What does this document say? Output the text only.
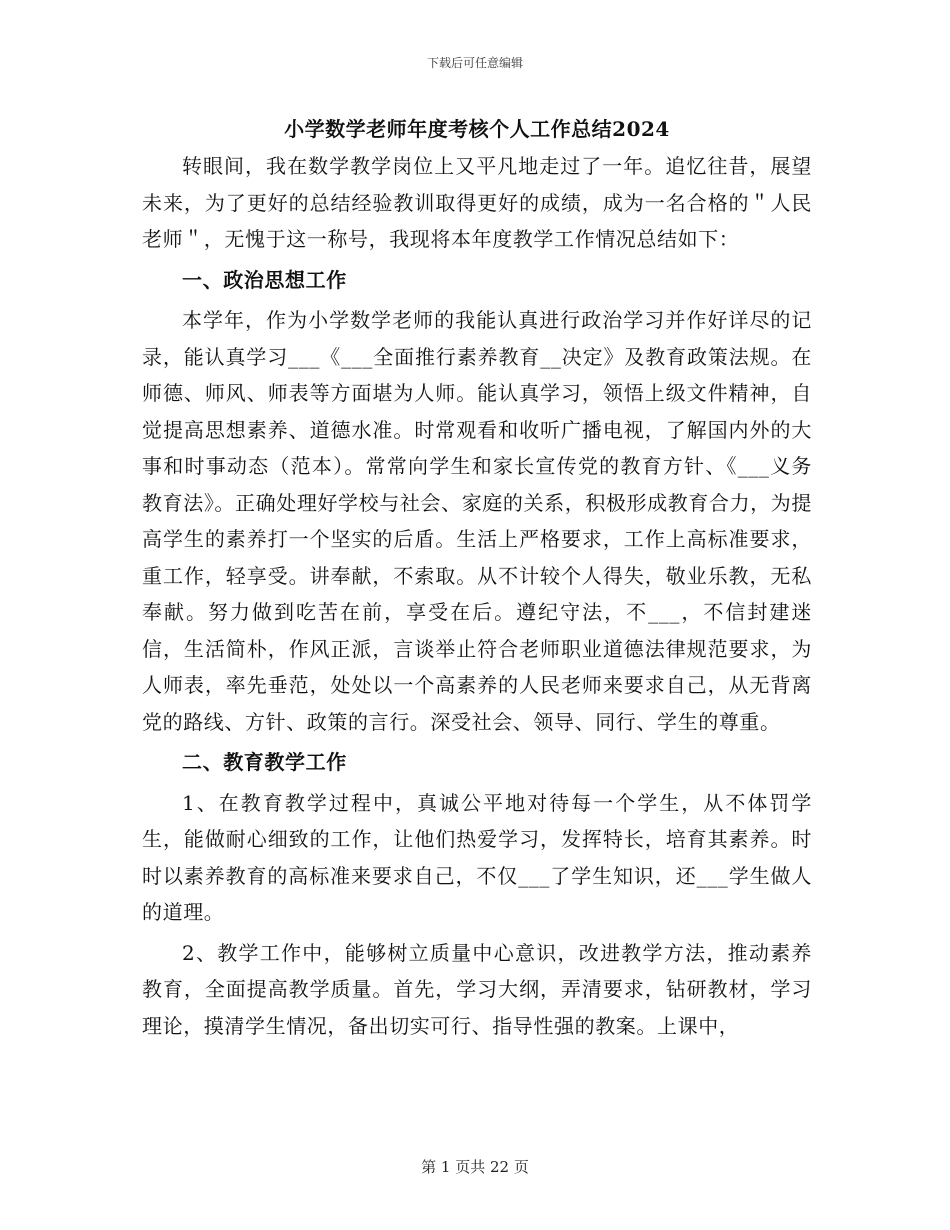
下载后可任意编辑
小学数学老师年度考核个人工作总结2024

转眼间，我在数学教学岗位上又平凡地走过了一年。追忆往昔，展望未来，为了更好的总结经验教训取得更好的成绩，成为一名合格的＂人民老师＂，无愧于这一称号，我现将本年度教学工作情况总结如下：

一、政治思想工作

本学年，作为小学数学老师的我能认真进行政治学习并作好详尽的记录，能认真学习___《___全面推行素养教育__决定》及教育政策法规。在师德、师风、师表等方面堪为人师。能认真学习，领悟上级文件精神，自觉提高思想素养、道德水准。时常观看和收听广播电视，了解国内外的大事和时事动态（范本）。常常向学生和家长宣传党的教育方针、《___义务教育法》。正确处理好学校与社会、家庭的关系，积极形成教育合力，为提高学生的素养打一个坚实的后盾。生活上严格要求，工作上高标准要求，重工作，轻享受。讲奉献，不索取。从不计较个人得失，敬业乐教，无私奉献。努力做到吃苦在前，享受在后。遵纪守法，不___，不信封建迷信，生活简朴，作风正派，言谈举止符合老师职业道德法律规范要求，为人师表，率先垂范，处处以一个高素养的人民老师来要求自己，从无背离党的路线、方针、政策的言行。深受社会、领导、同行、学生的尊重。

二、教育教学工作

1、在教育教学过程中，真诚公平地对待每一个学生，从不体罚学生，能做耐心细致的工作，让他们热爱学习，发挥特长，培育其素养。时时以素养教育的高标准来要求自己，不仅___了学生知识，还___学生做人的道理。

2、教学工作中，能够树立质量中心意识，改进教学方法，推动素养教育，全面提高教学质量。首先，学习大纲，弄清要求，钻研教材，学习理论，摸清学生情况，备出切实可行、指导性强的教案。上课中，

第 1 页共 22 页
